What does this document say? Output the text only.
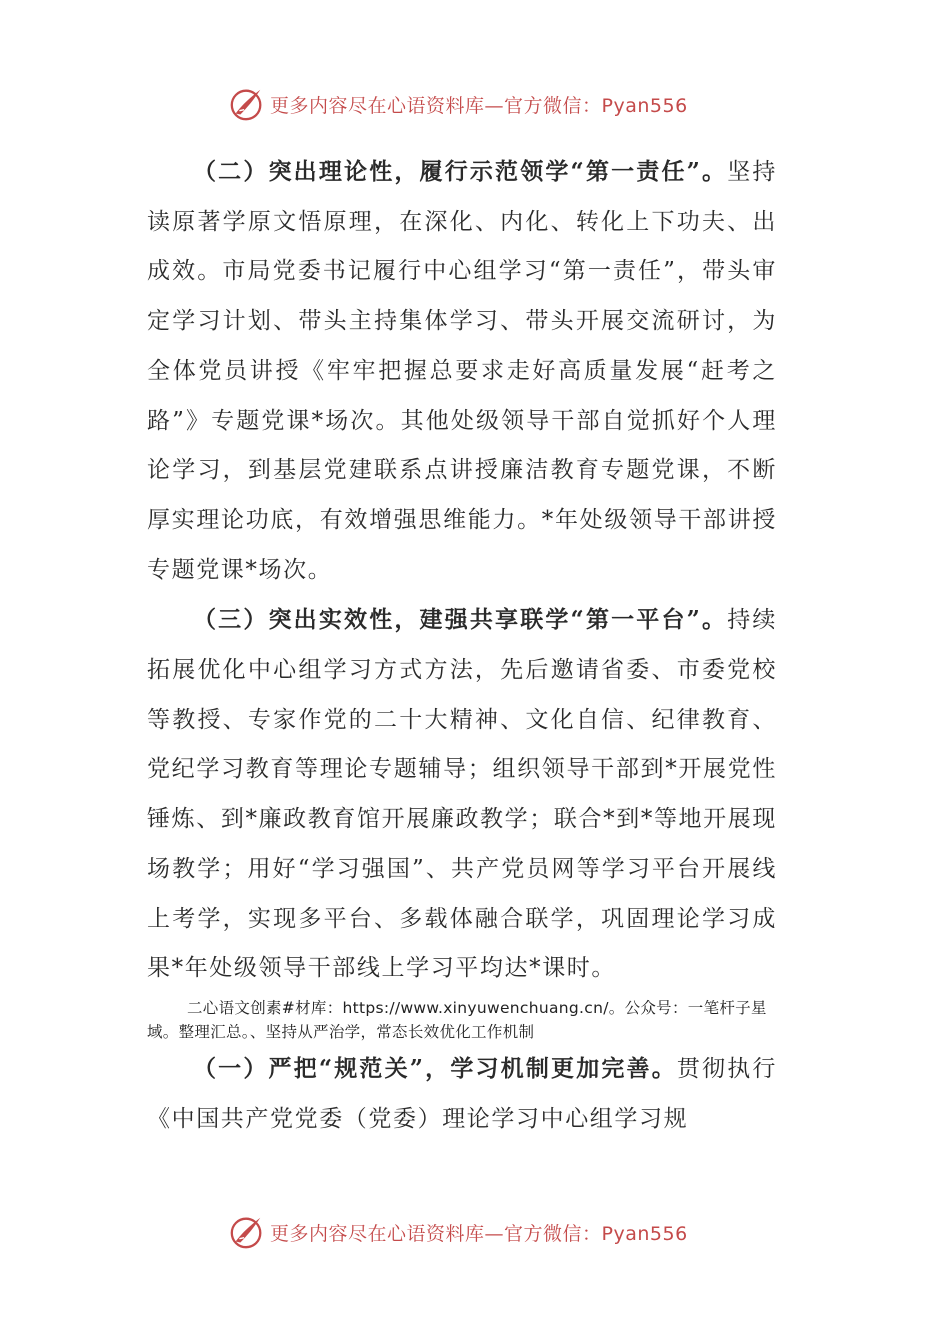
更多内容尽在心语资料库—官方微信：Pyan556

（二）突出理论性，履行示范领学“第一责任”。坚持读原著学原文悟原理，在深化、内化、转化上下功夫、出成效。市局党委书记履行中心组学习“第一责任”，带头审定学习计划、带头主持集体学习、带头开展交流研讨，为全体党员讲授《牢牢把握总要求走好高质量发展“赶考之路”》专题党课*场次。其他处级领导干部自觉抓好个人理论学习，到基层党建联系点讲授廉洁教育专题党课，不断厚实理论功底，有效增强思维能力。*年处级领导干部讲授专题党课*场次。

（三）突出实效性，建强共享联学“第一平台”。持续拓展优化中心组学习方式方法，先后邀请省委、市委党校等教授、专家作党的二十大精神、文化自信、纪律教育、党纪学习教育等理论专题辅导；组织领导干部到*开展党性锤炼、到*廉政教育馆开展廉政教学；联合*到*等地开展现场教学；用好“学习强国”、共产党员网等学习平台开展线上考学，实现多平台、多载体融合联学，巩固理论学习成果*年处级领导干部线上学习平均达*课时。

二心语文创素#材库：https://www.xinyuwenchuang.cn/。公众号：一笔杆子星域。整理汇总。、坚持从严治学，常态长效优化工作机制

（一）严把“规范关”，学习机制更加完善。贯彻执行《中国共产党党委（党委）理论学习中心组学习规

更多内容尽在心语资料库—官方微信：Pyan556
